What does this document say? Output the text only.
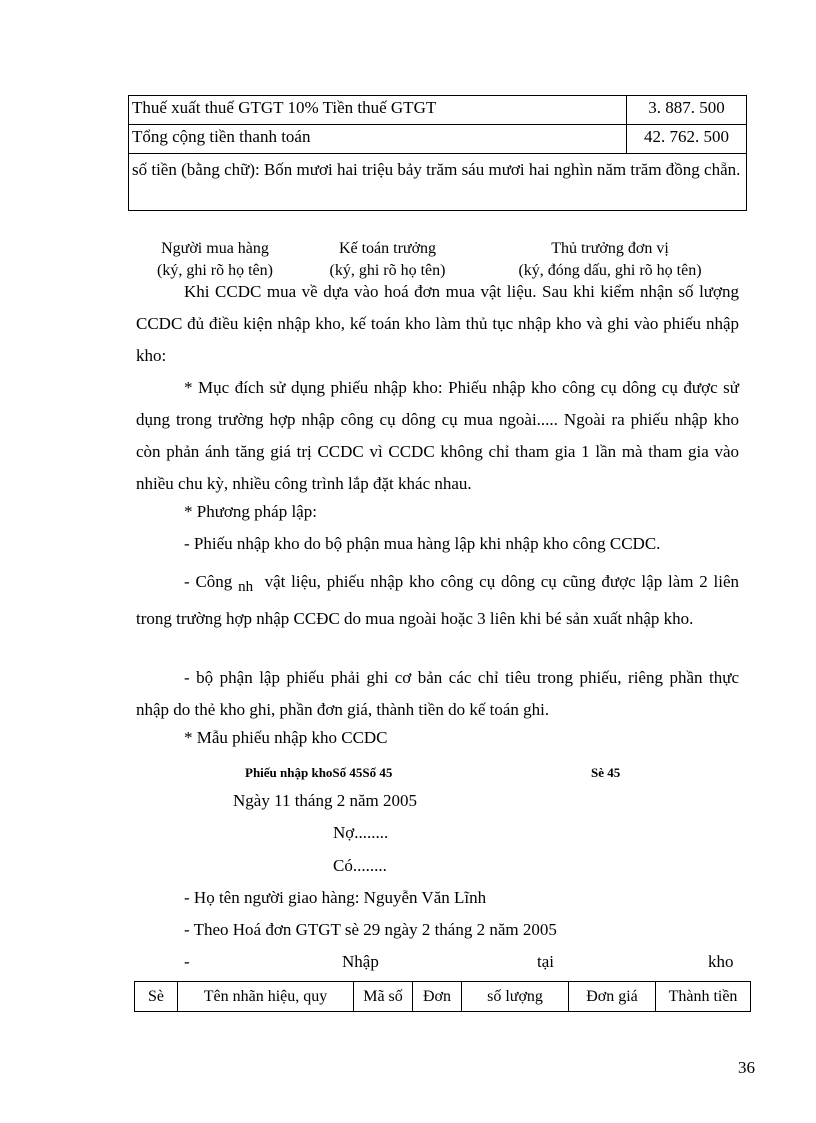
Thuế xuất thuế GTGT 10% Tiền thuế GTGT	3. 887. 500
Tổng cộng tiền thanh toán	42. 762. 500
số tiền (bằng chữ): Bốn mươi hai triệu bảy trăm sáu mươi hai nghìn năm trăm đồng chẵn.	
Người mua hàng
(ký, ghi rõ họ tên)
Kế toán trưởng
(ký, ghi rõ họ tên)
Thủ trưởng đơn vị
(ký, đóng dấu, ghi rõ họ tên)
Khi CCDC mua về dựa vào hoá đơn mua vật liệu. Sau khi kiểm nhận số lượng CCDC đủ điều kiện nhập kho, kế toán kho làm thủ tục nhập kho và ghi vào phiếu nhập kho:
* Mục đích sử dụng phiếu nhập kho: Phiếu nhập kho công cụ dông cụ được sử dụng trong trường hợp nhập công cụ dông cụ mua ngoài..... Ngoài ra phiếu nhập kho còn phản ánh tăng giá trị CCDC vì CCDC không chỉ tham gia 1 lần mà tham gia vào nhiều chu kỳ, nhiều công trình lắp đặt khác nhau.
* Phương pháp lập:
- Phiếu nhập kho do bộ phận mua hàng lập khi nhập kho công CCDC.
- Công nh vật liệu, phiếu nhập kho công cụ dông cụ cũng được lập làm 2 liên trong trường hợp nhập CCĐC do mua ngoài hoặc 3 liên khi bé sản xuất nhập kho.
- bộ phận lập phiếu phải ghi cơ bản các chỉ tiêu trong phiếu, riêng phần thực nhập do thẻ kho ghi, phần đơn giá, thành tiền do kế toán ghi.
* Mẫu phiếu nhập kho CCDC
Phiếu nhập khoSố 45Số 45	Sè 45
Ngày 11 tháng 2 năm 2005
Nợ........
Có........
- Họ tên người giao hàng: Nguyễn Văn Lĩnh
- Theo Hoá đơn GTGT sè 29 ngày 2 tháng 2 năm 2005
-	Nhập	tại	kho
Sè	Tên nhãn hiệu, quy	Mã số	Đơn	số lượng	Đơn giá	Thành tiền
36
